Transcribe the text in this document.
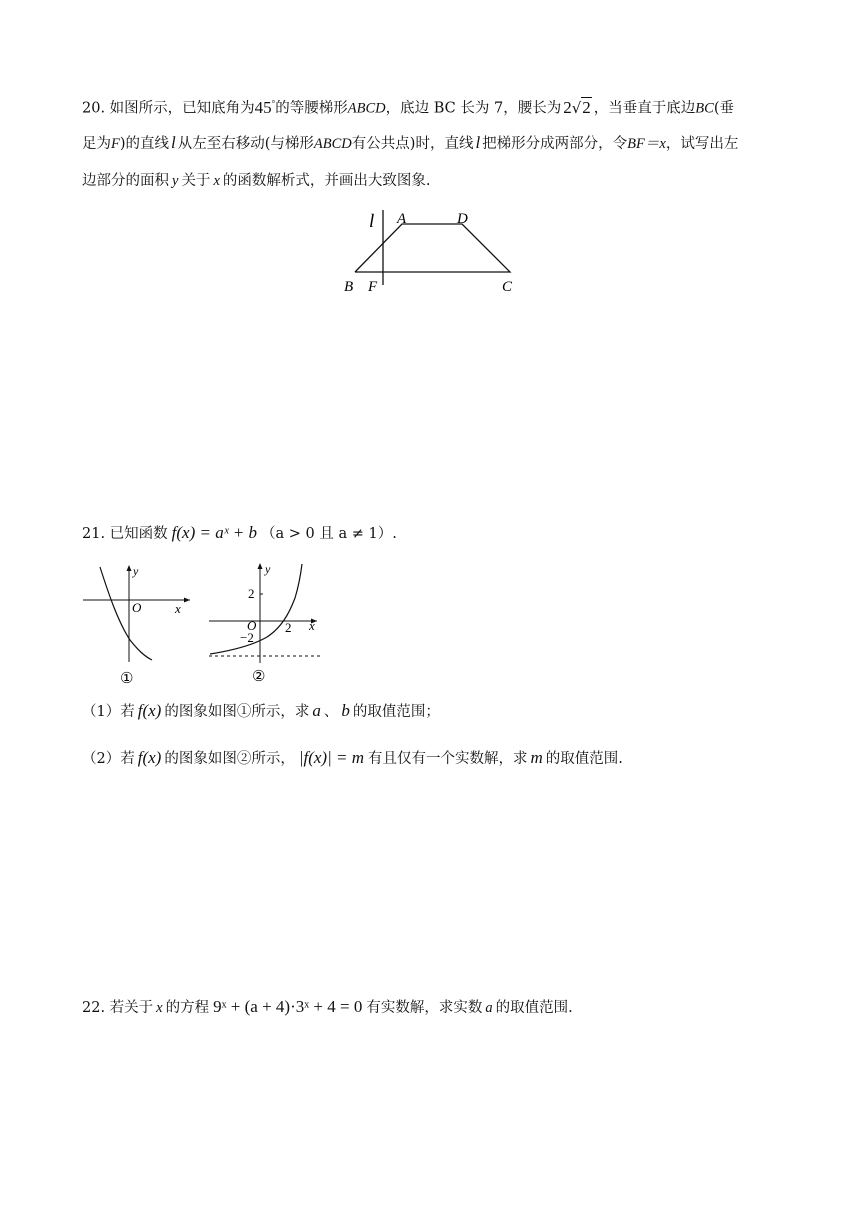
20. 如图所示，已知底角为45°的等腰梯形ABCD，底边 BC 长为 7，腰长为 2√2 ，当垂直于底边BC(垂
足为F)的直线 l 从左至右移动(与梯形ABCD有公共点)时，直线 l 把梯形分成两部分，令BF＝x，试写出左
边部分的面积 y 关于 x 的函数解析式，并画出大致图象.
l A	D
B F	C
21. 已知函数 f(x) = aˣ + b （a > 0 且 a ≠ 1）.
y
O	x
①
y
2
O
−2
2 x
②
（1）若 f(x) 的图象如图①所示，求 a 、 b 的取值范围；
（2）若 f(x) 的图象如图②所示， |f(x)| = m 有且仅有一个实数解，求 m 的取值范围.
22. 若关于 x 的方程 9ˣ + (a + 4)·3ˣ + 4 = 0 有实数解，求实数 a 的取值范围.
